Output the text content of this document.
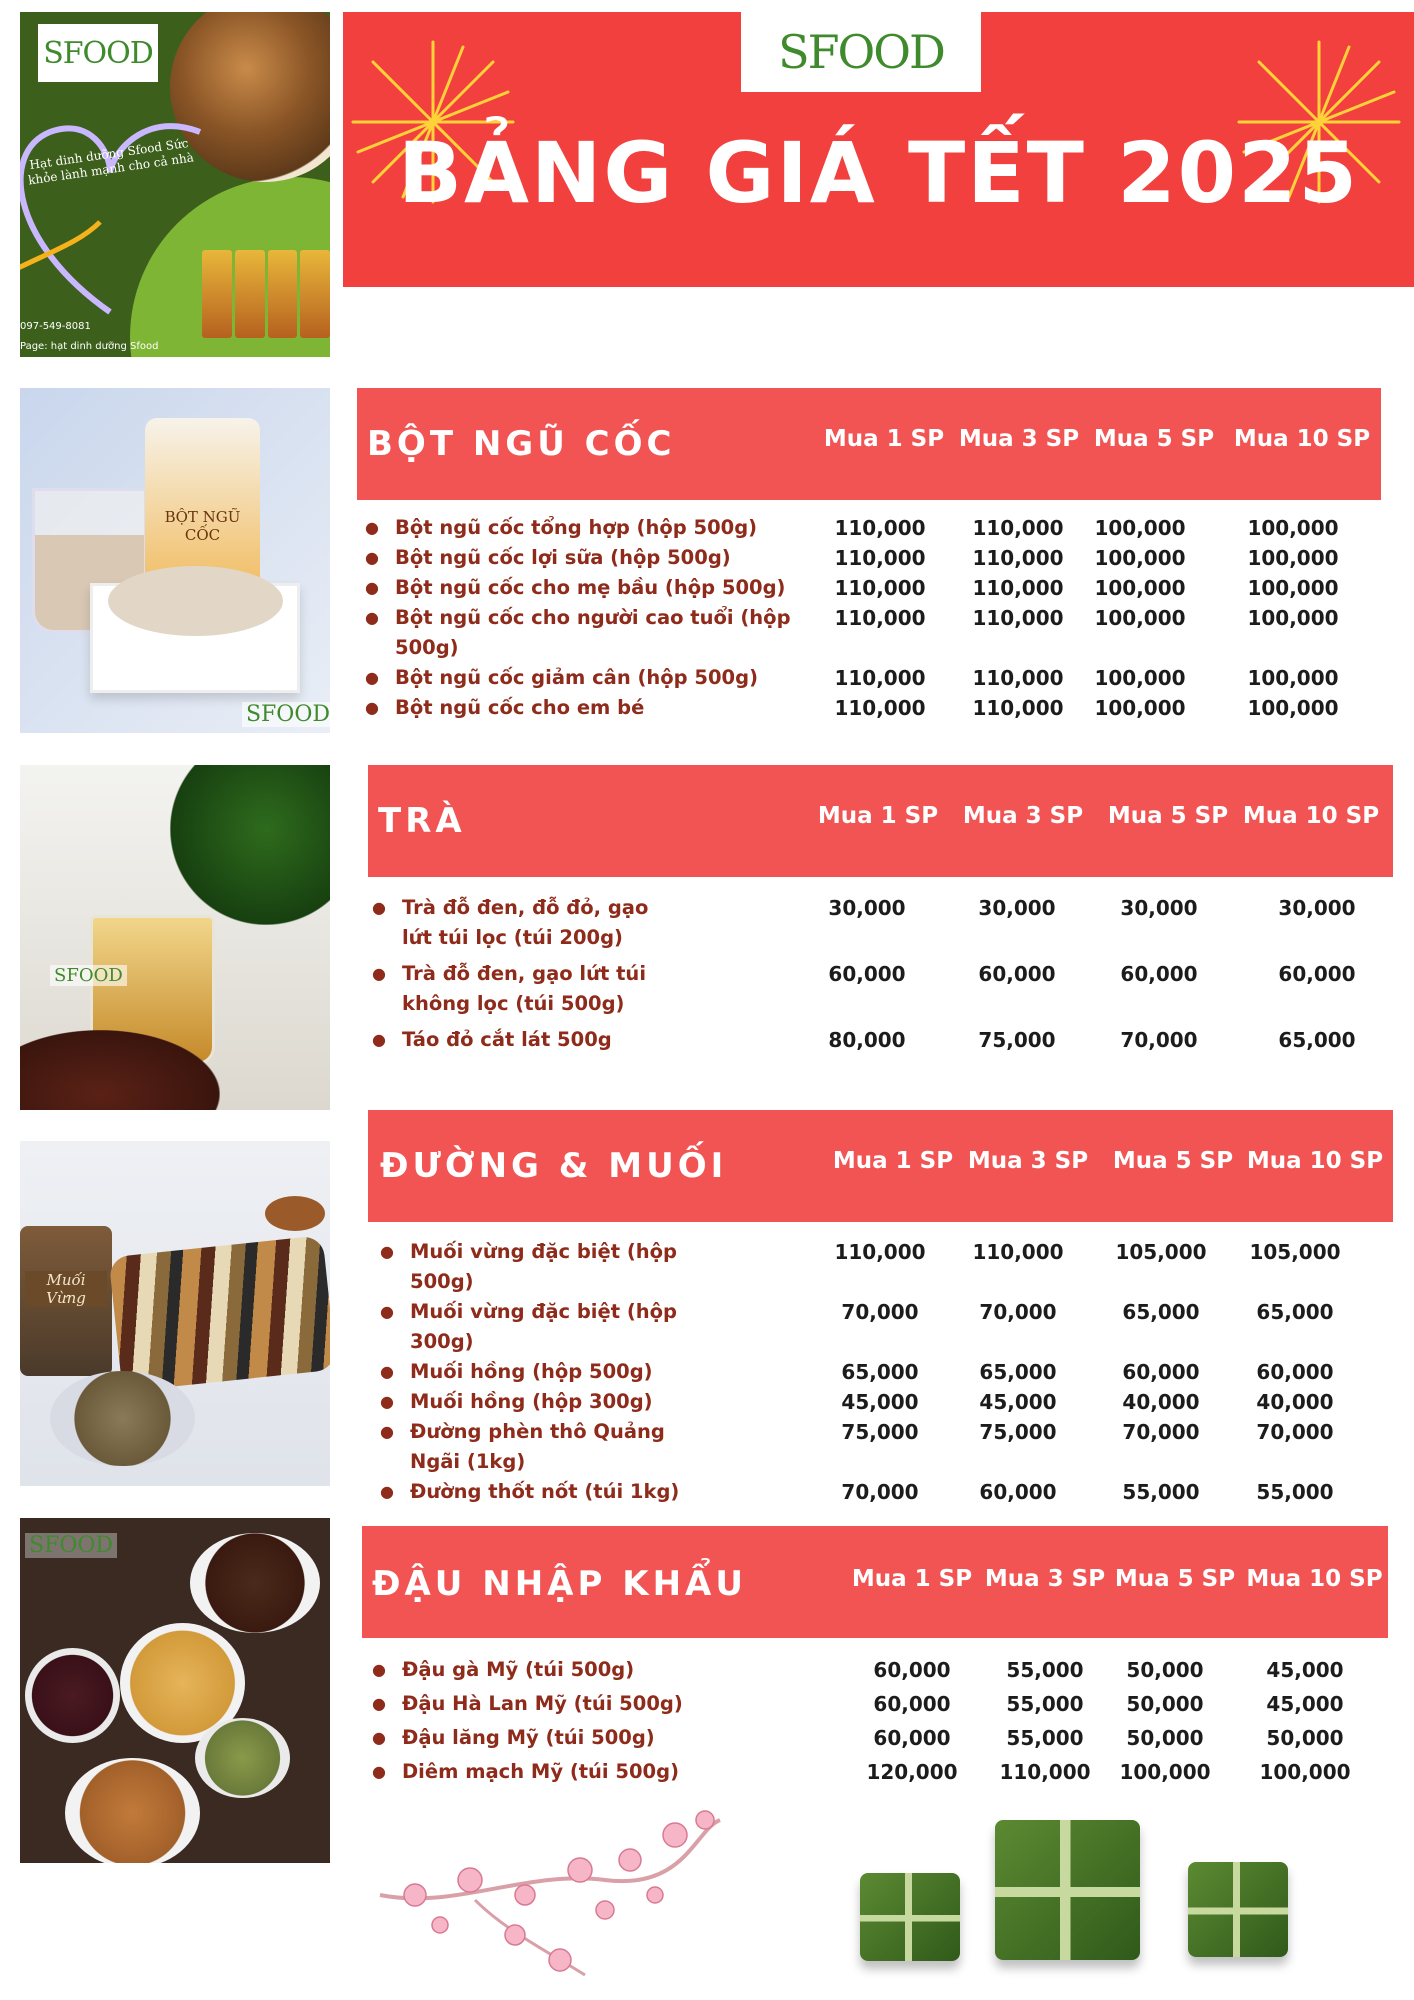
SFOOD
Hạt dinh dưỡng Sfood Sức khỏe lành mạnh cho cả nhà
097-549-8081
Page: hạt dinh dưỡng Sfood
SFOOD
BẢNG GIÁ TẾT 2025
BỘT NGŨ CỐC
SFOOD
SFOOD
Muối Vừng
SFOOD
BỘT NGŨ CỐC	Mua 1 SP Mua 3 SP Mua 5 SP Mua 10 SP
● Bột ngũ cốc tổng hợp (hộp 500g)	110,000	110,000	100,000	100,000
● Bột ngũ cốc lợi sữa (hộp 500g)	110,000	110,000	100,000	100,000
● Bột ngũ cốc cho mẹ bầu (hộp 500g)	110,000	110,000	100,000	100,000
● Bột ngũ cốc cho người cao tuổi (hộp 500g)
110,000	110,000	100,000	100,000
● Bột ngũ cốc giảm cân (hộp 500g)	110,000	110,000	100,000	100,000
● Bột ngũ cốc cho em bé	110,000	110,000	100,000	100,000
TRÀ	Mua 1 SP Mua 3 SP Mua 5 SP Mua 10 SP
● Trà đỗ đen, đỗ đỏ, gạo lứt túi lọc (túi 200g)
30,000	30,000	30,000	30,000
● Trà đỗ đen, gạo lứt túi không lọc (túi 500g)
60,000	60,000	60,000	60,000
● Táo đỏ cắt lát 500g	80,000	75,000	70,000	65,000
ĐƯỜNG & MUỐI	Mua 1 SP Mua 3 SP Mua 5 SP Mua 10 SP
● Muối vừng đặc biệt (hộp 500g)
110,000	110,000	105,000	105,000
● Muối vừng đặc biệt (hộp 300g)
70,000	70,000	65,000	65,000
● Muối hồng (hộp 500g)	65,000	65,000	60,000	60,000
● Muối hồng (hộp 300g)	45,000	45,000	40,000	40,000
● Đường phèn thô Quảng Ngãi (1kg)
75,000	75,000	70,000	70,000
● Đường thốt nốt (túi 1kg)	70,000	60,000	55,000	55,000
ĐẬU NHẬP KHẨU	Mua 1 SP Mua 3 SP Mua 5 SP Mua 10 SP
● Đậu gà Mỹ (túi 500g)	60,000	55,000	50,000	45,000
● Đậu Hà Lan Mỹ (túi 500g)	60,000	55,000	50,000	45,000
● Đậu lăng Mỹ (túi 500g)	60,000	55,000	50,000	50,000
● Diêm mạch Mỹ (túi 500g)	120,000	110,000	100,000	100,000
